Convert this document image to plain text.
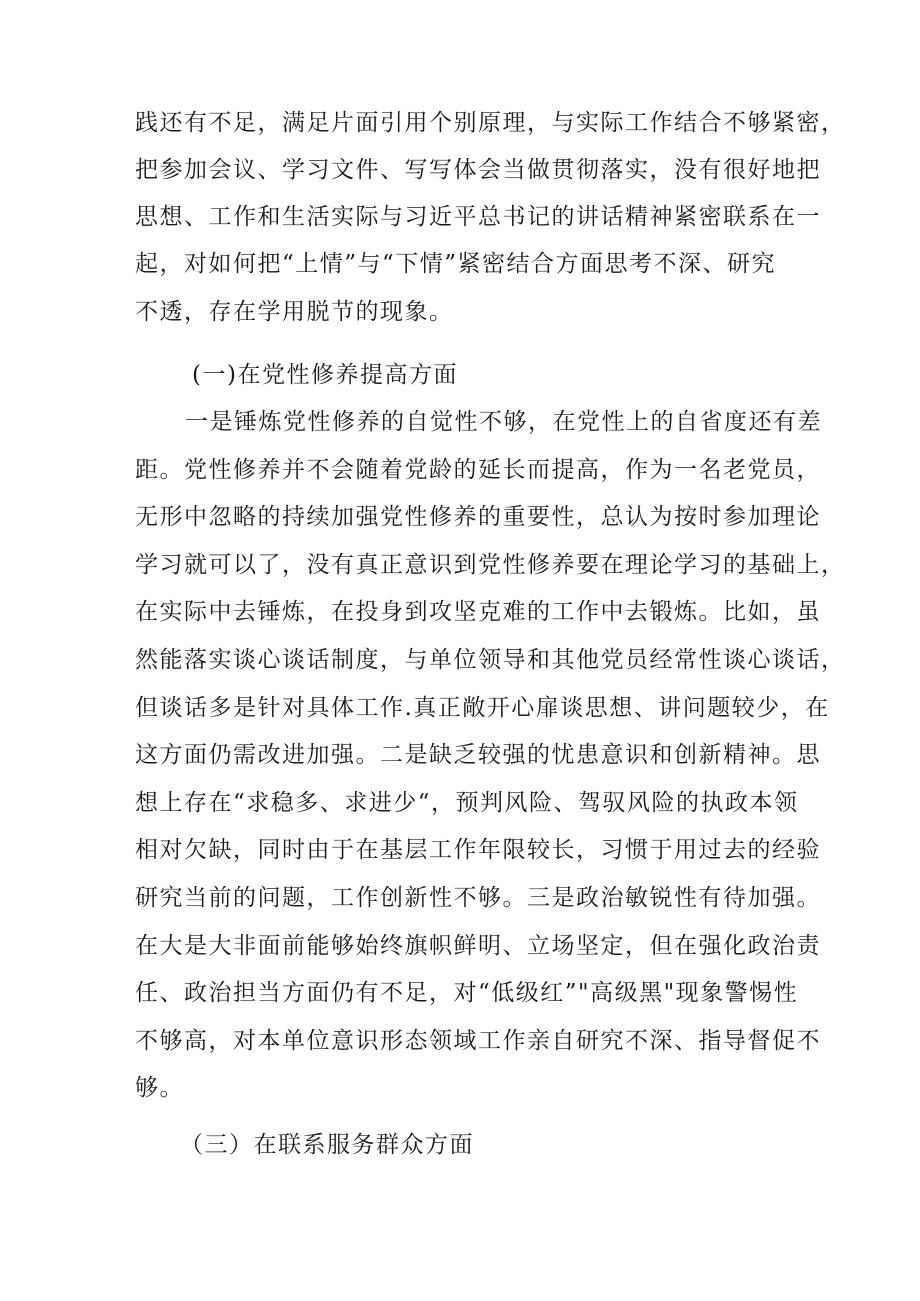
践还有不足，满足片面引用个别原理，与实际工作结合不够紧密，
把参加会议、学习文件、写写体会当做贯彻落实，没有很好地把
思想、工作和生活实际与习近平总书记的讲话精神紧密联系在一
起，对如何把“上情”与“下情”紧密结合方面思考不深、研究
不透，存在学用脱节的现象。
(一)在党性修养提高方面
一是锤炼党性修养的自觉性不够，在党性上的自省度还有差
距。党性修养并不会随着党龄的延长而提高，作为一名老党员，
无形中忽略的持续加强党性修养的重要性，总认为按时参加理论
学习就可以了，没有真正意识到党性修养要在理论学习的基础上，
在实际中去锤炼，在投身到攻坚克难的工作中去锻炼。比如，虽
然能落实谈心谈话制度，与单位领导和其他党员经常性谈心谈话，
但谈话多是针对具体工作.真正敞开心扉谈思想、讲问题较少，在
这方面仍需改进加强。二是缺乏较强的忧患意识和创新精神。思
想上存在“求稳多、求进少“，预判风险、驾驭风险的执政本领
相对欠缺，同时由于在基层工作年限较长，习惯于用过去的经验
研究当前的问题，工作创新性不够。三是政治敏锐性有待加强。
在大是大非面前能够始终旗帜鲜明、立场坚定，但在强化政治责
任、政治担当方面仍有不足，对“低级红”"高级黑"现象警惕性
不够高，对本单位意识形态领域工作亲自研究不深、指导督促不
够。
（三）在联系服务群众方面
